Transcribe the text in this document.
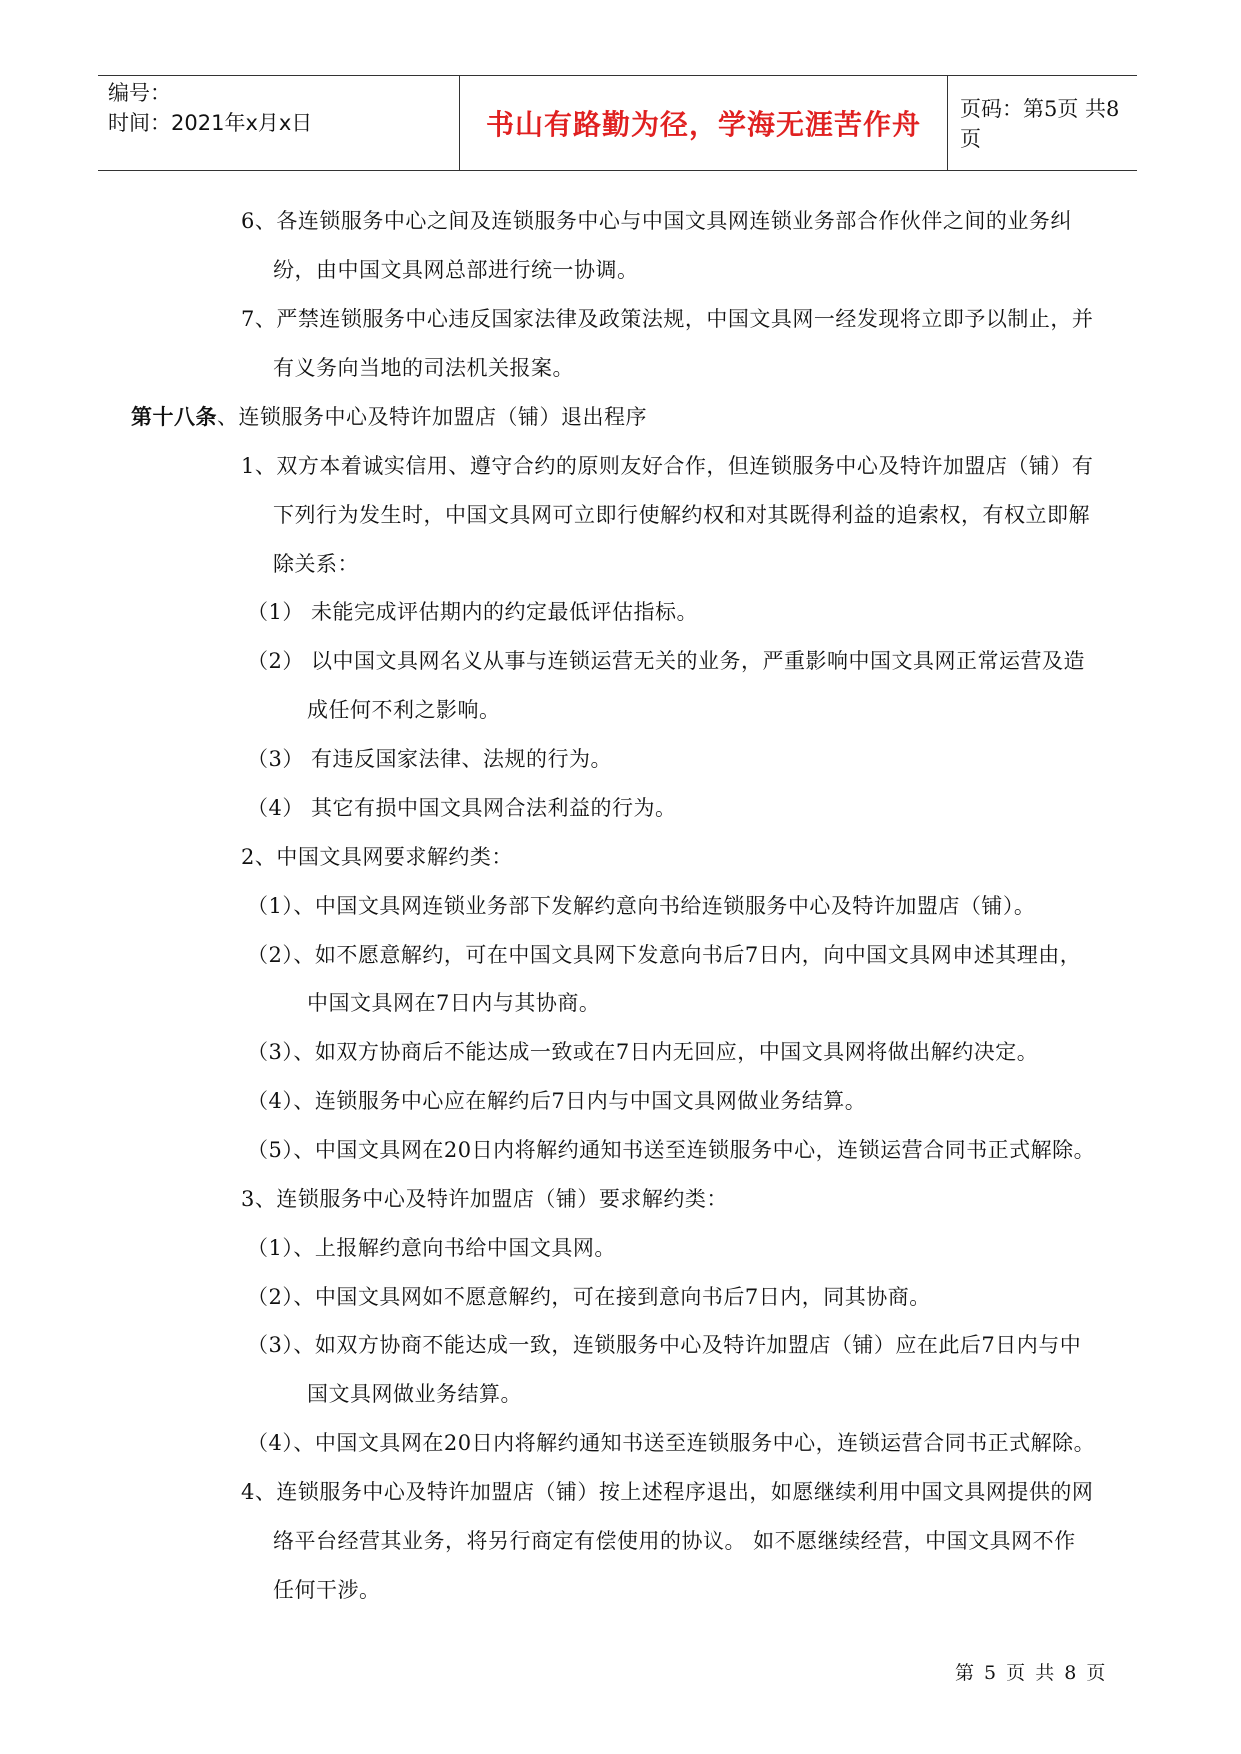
编号：
时间：2021年x月x日	书山有路勤为径，学海无涯苦作舟 页码：第5页 共8页
6、各连锁服务中心之间及连锁服务中心与中国文具网连锁业务部合作伙伴之间的业务纠
纷，由中国文具网总部进行统一协调。
7、严禁连锁服务中心违反国家法律及政策法规，中国文具网一经发现将立即予以制止，并
有义务向当地的司法机关报案。
第十八条、连锁服务中心及特许加盟店（铺）退出程序
1、双方本着诚实信用、遵守合约的原则友好合作，但连锁服务中心及特许加盟店（铺）有
下列行为发生时，中国文具网可立即行使解约权和对其既得利益的追索权，有权立即解
除关系：
（1） 未能完成评估期内的约定最低评估指标。
（2） 以中国文具网名义从事与连锁运营无关的业务，严重影响中国文具网正常运营及造
成任何不利之影响。
（3） 有违反国家法律、法规的行为。
（4） 其它有损中国文具网合法利益的行为。
2、中国文具网要求解约类：
（1）、中国文具网连锁业务部下发解约意向书给连锁服务中心及特许加盟店（铺）。
（2）、如不愿意解约，可在中国文具网下发意向书后7日内，向中国文具网申述其理由，
中国文具网在7日内与其协商。
（3）、如双方协商后不能达成一致或在7日内无回应，中国文具网将做出解约决定。
（4）、连锁服务中心应在解约后7日内与中国文具网做业务结算。
（5）、中国文具网在20日内将解约通知书送至连锁服务中心，连锁运营合同书正式解除。
3、连锁服务中心及特许加盟店（铺）要求解约类：
（1）、上报解约意向书给中国文具网。
（2）、中国文具网如不愿意解约，可在接到意向书后7日内，同其协商。
（3）、如双方协商不能达成一致，连锁服务中心及特许加盟店（铺）应在此后7日内与中
国文具网做业务结算。
（4）、中国文具网在20日内将解约通知书送至连锁服务中心，连锁运营合同书正式解除。
4、连锁服务中心及特许加盟店（铺）按上述程序退出，如愿继续利用中国文具网提供的网
络平台经营其业务，将另行商定有偿使用的协议。 如不愿继续经营，中国文具网不作
任何干涉。
第 5 页 共 8 页
